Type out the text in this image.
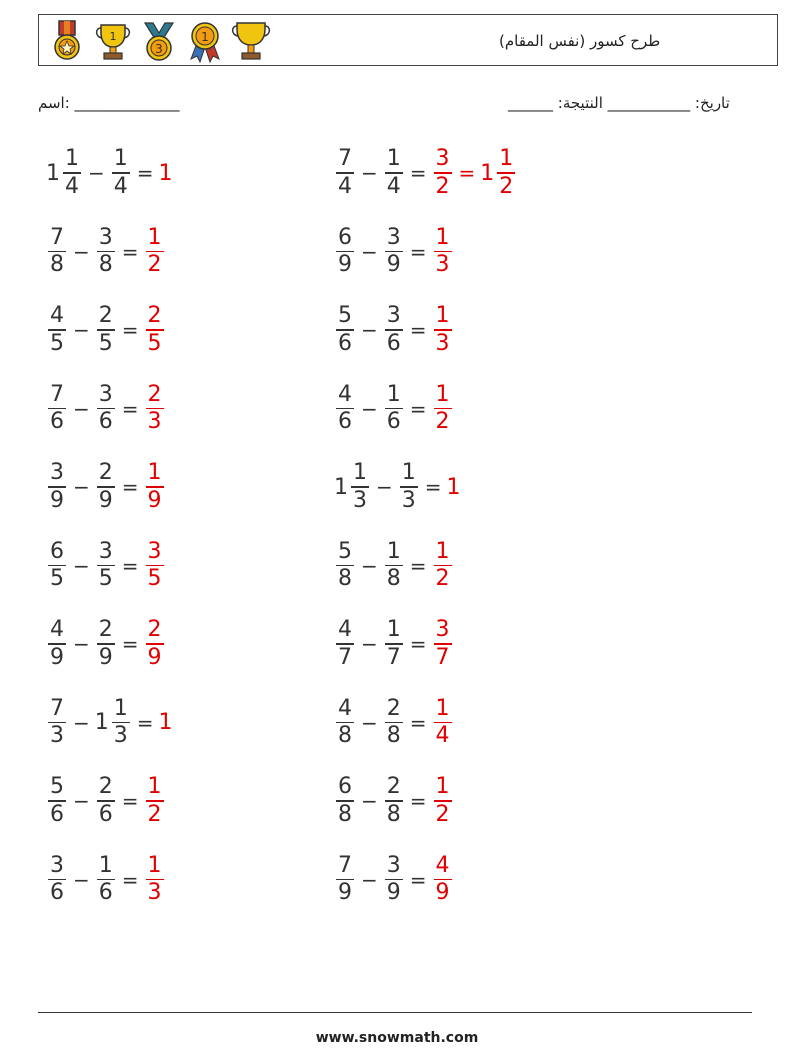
1
3
1	طرح کسور (نفس المقام)
اسم: ______________	______ :تاريخ: ___________ النتيجة
$1 \frac{1}{4} - \frac{1}{4} = 1$	$\frac{7}{4} - \frac{1}{4} = \frac{3}{2} = 1 \frac{1}{2}$
$\frac{7}{8} - \frac{3}{8} = \frac{1}{2}$	$\frac{6}{9} - \frac{3}{9} = \frac{1}{3}$
$\frac{4}{5} - \frac{2}{5} = \frac{2}{5}$	$\frac{5}{6} - \frac{3}{6} = \frac{1}{3}$
$\frac{7}{6} - \frac{3}{6} = \frac{2}{3}$	$\frac{4}{6} - \frac{1}{6} = \frac{1}{2}$
$\frac{3}{9} - \frac{2}{9} = \frac{1}{9}$	$1 \frac{1}{3} - \frac{1}{3} = 1$
$\frac{6}{5} - \frac{3}{5} = \frac{3}{5}$	$\frac{5}{8} - \frac{1}{8} = \frac{1}{2}$
$\frac{4}{9} - \frac{2}{9} = \frac{2}{9}$	$\frac{4}{7} - \frac{1}{7} = \frac{3}{7}$
$\frac{7}{3} - 1 \frac{1}{3} = 1$	$\frac{4}{8} - \frac{2}{8} = \frac{1}{4}$
$\frac{5}{6} - \frac{2}{6} = \frac{1}{2}$	$\frac{6}{8} - \frac{2}{8} = \frac{1}{2}$
$\frac{3}{6} - \frac{1}{6} = \frac{1}{3}$	$\frac{7}{9} - \frac{3}{9} = \frac{4}{9}$
www.snowmath.com
